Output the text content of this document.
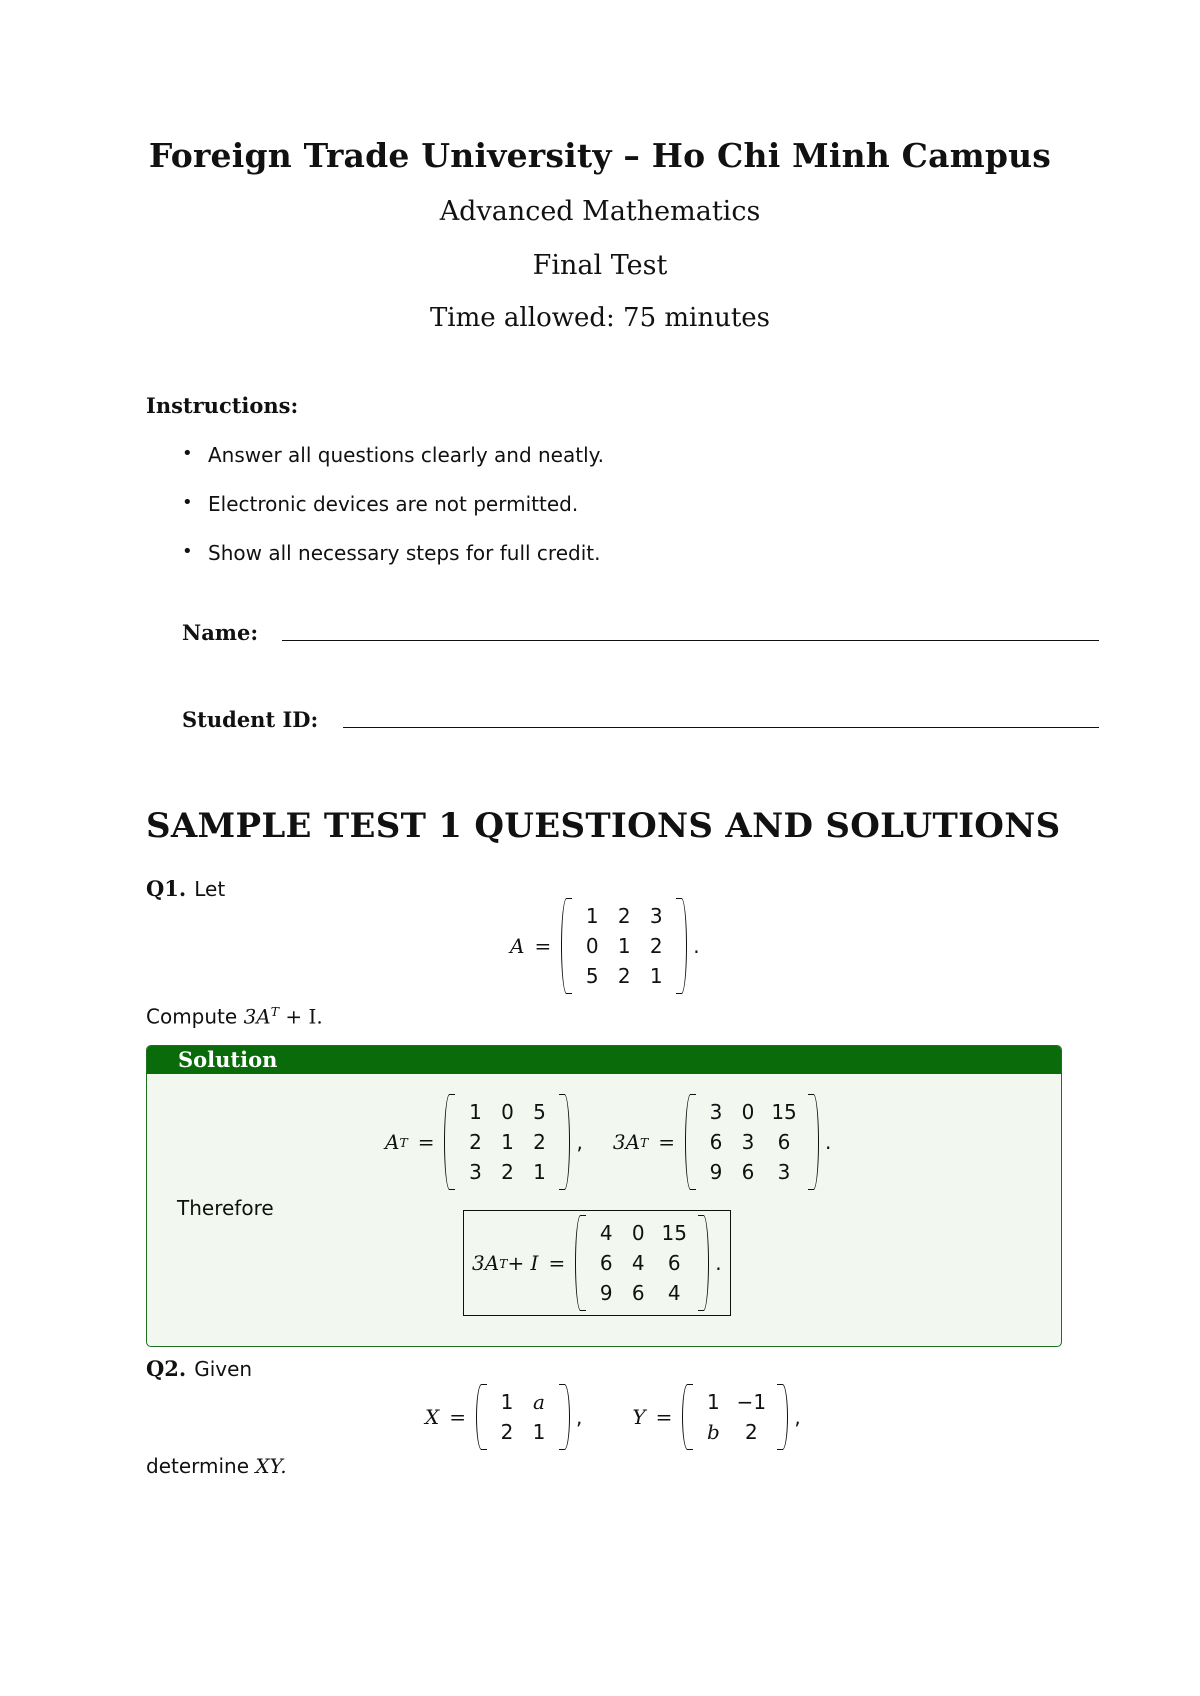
Foreign Trade University – Ho Chi Minh Campus
Advanced Mathematics
Final Test
Time allowed: 75 minutes
Instructions:
• Answer all questions clearly and neatly.
• Electronic devices are not permitted.
• Show all necessary steps for full credit.
Name:
Student ID:
SAMPLE TEST 1 QUESTIONS AND SOLUTIONS
Q1. Let
A =
1 2 3
0 1 2
5 2 1
.
Compute $3A^T + I$.
Solution
A T =
1 0 5
2 1 2
3 2 1
, 3A T =
3 0 15
6 3	6
9 6	3
.
Therefore
3A T + I =
4 0 15
6 4	6
9 6	4
.
Q2. Given
X =
1 a
2 1
,	Y =
1 −1
b	2
,
determine XY.
